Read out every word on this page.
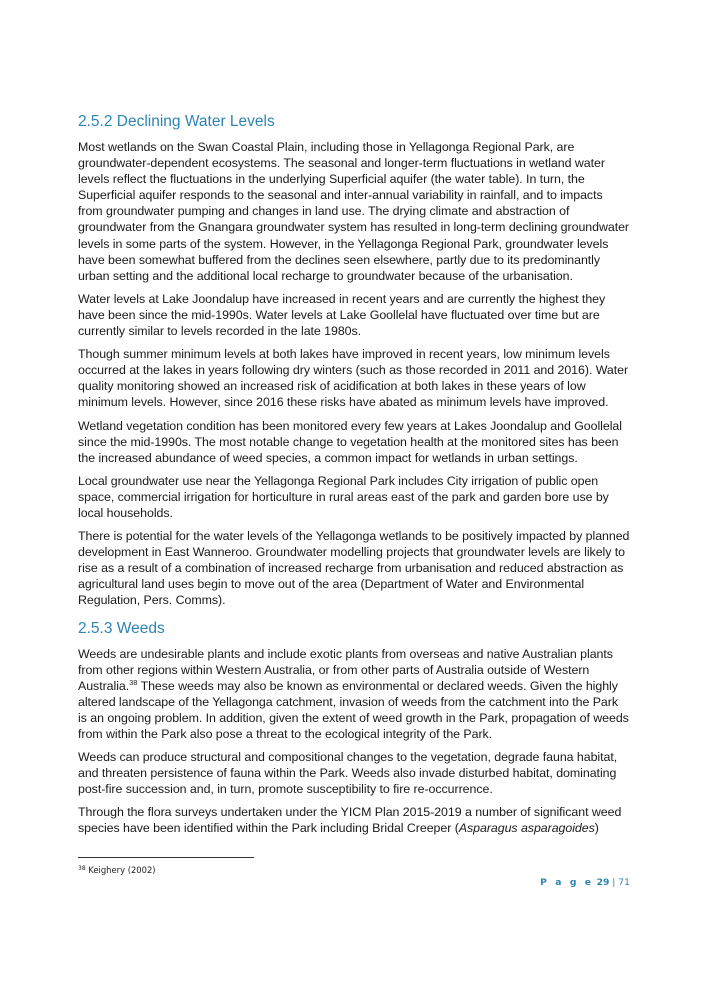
2.5.2 Declining Water Levels

Most wetlands on the Swan Coastal Plain, including those in Yellagonga Regional Park, are groundwater-dependent ecosystems. The seasonal and longer-term fluctuations in wetland water levels reflect the fluctuations in the underlying Superficial aquifer (the water table). In turn, the Superficial aquifer responds to the seasonal and inter-annual variability in rainfall, and to impacts from groundwater pumping and changes in land use. The drying climate and abstraction of groundwater from the Gnangara groundwater system has resulted in long-term declining groundwater levels in some parts of the system. However, in the Yellagonga Regional Park, groundwater levels have been somewhat buffered from the declines seen elsewhere, partly due to its predominantly urban setting and the additional local recharge to groundwater because of the urbanisation.

Water levels at Lake Joondalup have increased in recent years and are currently the highest they have been since the mid-1990s. Water levels at Lake Goollelal have fluctuated over time but are currently similar to levels recorded in the late 1980s.

Though summer minimum levels at both lakes have improved in recent years, low minimum levels occurred at the lakes in years following dry winters (such as those recorded in 2011 and 2016). Water quality monitoring showed an increased risk of acidification at both lakes in these years of low minimum levels. However, since 2016 these risks have abated as minimum levels have improved.

Wetland vegetation condition has been monitored every few years at Lakes Joondalup and Goollelal since the mid-1990s. The most notable change to vegetation health at the monitored sites has been the increased abundance of weed species, a common impact for wetlands in urban settings.

Local groundwater use near the Yellagonga Regional Park includes City irrigation of public open space, commercial irrigation for horticulture in rural areas east of the park and garden bore use by local households.

There is potential for the water levels of the Yellagonga wetlands to be positively impacted by planned development in East Wanneroo. Groundwater modelling projects that groundwater levels are likely to rise as a result of a combination of increased recharge from urbanisation and reduced abstraction as agricultural land uses begin to move out of the area (Department of Water and Environmental Regulation, Pers. Comms).

2.5.3 Weeds

Weeds are undesirable plants and include exotic plants from overseas and native Australian plants from other regions within Western Australia, or from other parts of Australia outside of Western Australia.$^{38}$ These weeds may also be known as environmental or declared weeds. Given the highly altered landscape of the Yellagonga catchment, invasion of weeds from the catchment into the Park is an ongoing problem. In addition, given the extent of weed growth in the Park, propagation of weeds from within the Park also pose a threat to the ecological integrity of the Park.

Weeds can produce structural and compositional changes to the vegetation, degrade fauna habitat, and threaten persistence of fauna within the Park. Weeds also invade disturbed habitat, dominating post-fire succession and, in turn, promote susceptibility to fire re-occurrence.

Through the flora surveys undertaken under the YICM Plan 2015-2019 a number of significant weed species have been identified within the Park including Bridal Creeper (Asparagus asparagoides)

$^{38}$ Keighery (2002)
P a g e 29 | 71
